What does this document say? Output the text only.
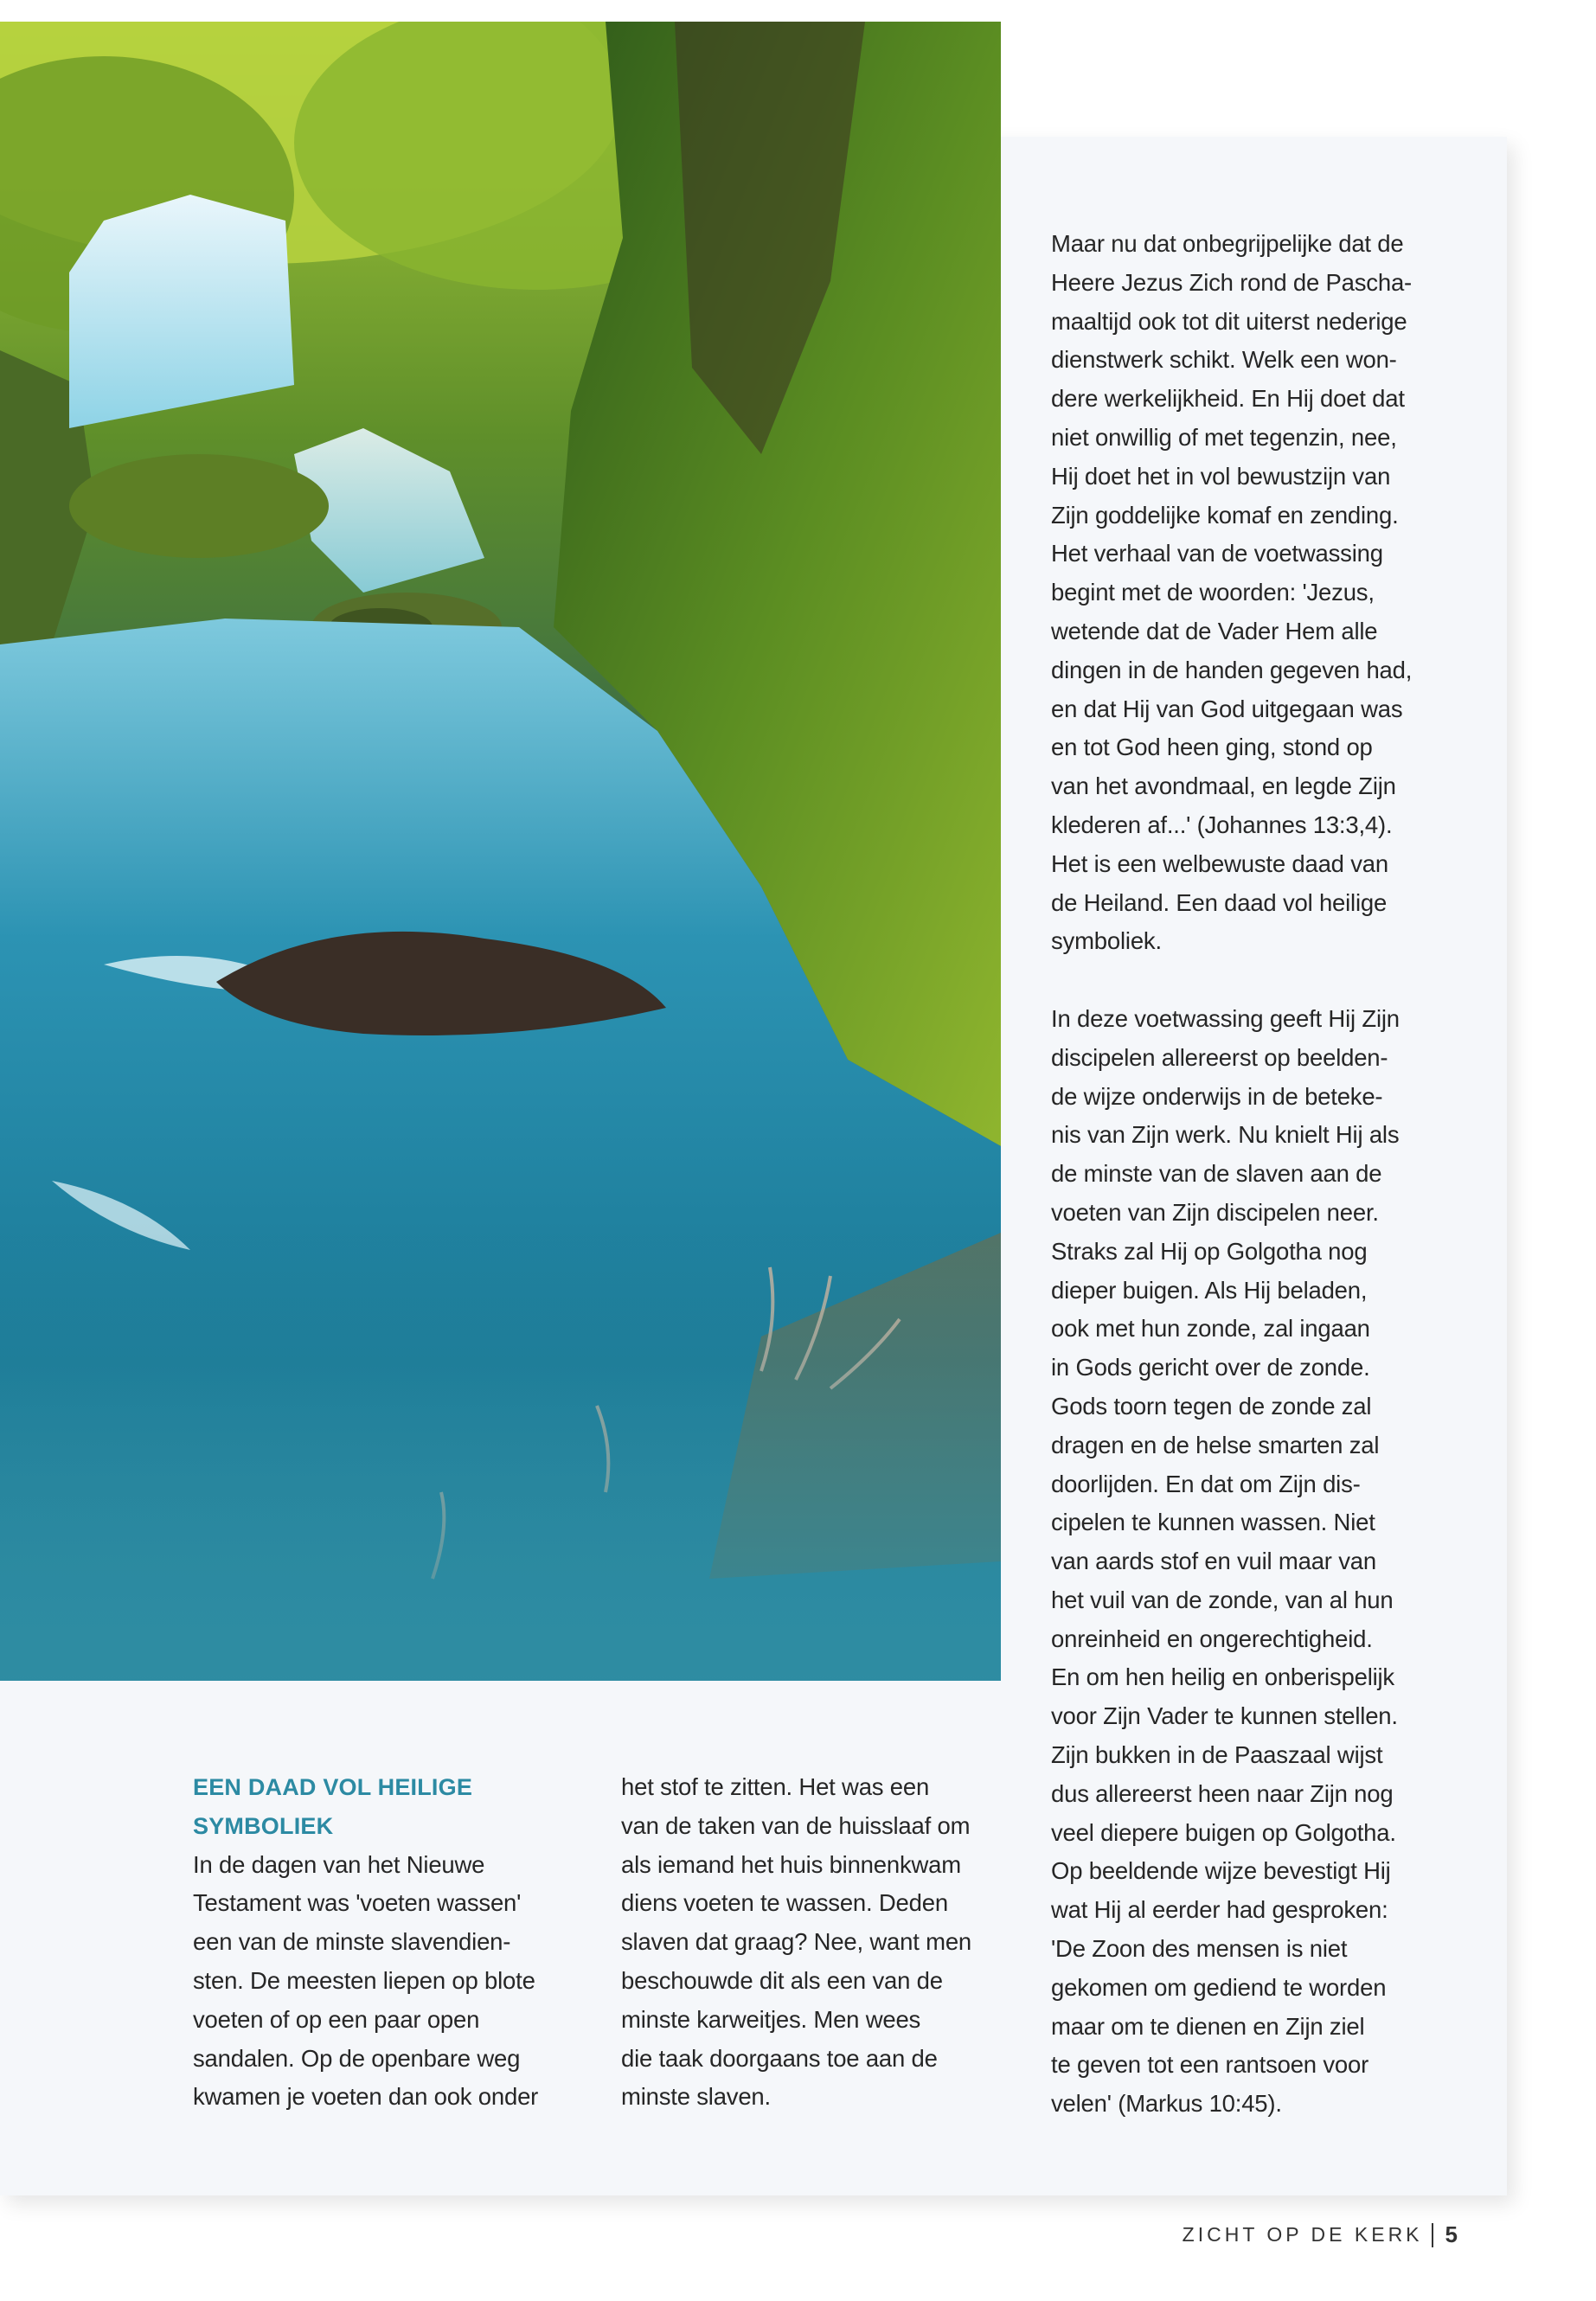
Maar nu dat onbegrijpelijke dat de
Heere Jezus Zich rond de Pascha-
maaltijd ook tot dit uiterst nederige
dienstwerk schikt. Welk een won-
dere werkelijkheid. En Hij doet dat
niet onwillig of met tegenzin, nee,
Hij doet het in vol bewustzijn van
Zijn goddelijke komaf en zending.
Het verhaal van de voetwassing
begint met de woorden: 'Jezus,
wetende dat de Vader Hem alle
dingen in de handen gegeven had,
en dat Hij van God uitgegaan was
en tot God heen ging, stond op
van het avondmaal, en legde Zijn
klederen af...' (Johannes 13:3,4).
Het is een welbewuste daad van
de Heiland. Een daad vol heilige
symboliek.

In deze voetwassing geeft Hij Zijn
discipelen allereerst op beelden-
de wijze onderwijs in de beteke-
nis van Zijn werk. Nu knielt Hij als
de minste van de slaven aan de
voeten van Zijn discipelen neer.
Straks zal Hij op Golgotha nog
dieper buigen. Als Hij beladen,
ook met hun zonde, zal ingaan
in Gods gericht over de zonde.
Gods toorn tegen de zonde zal
dragen en de helse smarten zal
doorlijden. En dat om Zijn dis-
cipelen te kunnen wassen. Niet
van aards stof en vuil maar van
het vuil van de zonde, van al hun
onreinheid en ongerechtigheid.
En om hen heilig en onberispelijk
voor Zijn Vader te kunnen stellen.
Zijn bukken in de Paaszaal wijst
dus allereerst heen naar Zijn nog
veel diepere buigen op Golgotha.
Op beeldende wijze bevestigt Hij
wat Hij al eerder had gesproken:
'De Zoon des mensen is niet
gekomen om gediend te worden
maar om te dienen en Zijn ziel
te geven tot een rantsoen voor
velen' (Markus 10:45).

EEN DAAD VOL HEILIGE
SYMBOLIEK

In de dagen van het Nieuwe
Testament was 'voeten wassen'
een van de minste slavendien-
sten. De meesten liepen op blote
voeten of op een paar open
sandalen. Op de openbare weg
kwamen je voeten dan ook onder

het stof te zitten. Het was een
van de taken van de huisslaaf om
als iemand het huis binnenkwam
diens voeten te wassen. Deden
slaven dat graag? Nee, want men
beschouwde dit als een van de
minste karweitjes. Men wees
die taak doorgaans toe aan de
minste slaven.

ZICHT OP DE KERK 5
